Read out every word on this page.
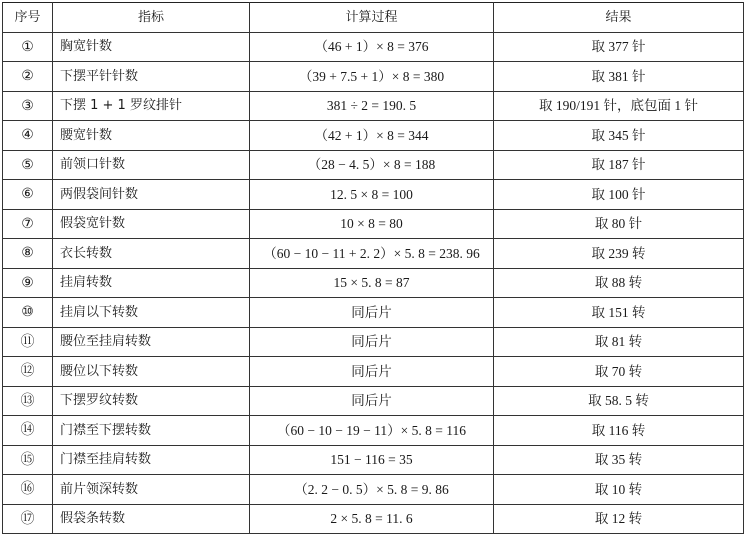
序号	指标	计算过程	结果
①	胸宽针数	（46 + 1）× 8 = 376	取 377 针
②	下摆平针针数	（39 + 7.5 + 1）× 8 = 380	取 381 针
③	下摆 1 + 1 罗纹排针	381 ÷ 2 = 190. 5	取 190/191 针，底包面 1 针
④	腰宽针数	（42 + 1）× 8 = 344	取 345 针
⑤	前领口针数	（28 − 4. 5）× 8 = 188	取 187 针
⑥	两假袋间针数	12. 5 × 8 = 100	取 100 针
⑦	假袋宽针数	10 × 8 = 80	取 80 针
⑧	衣长转数	（60 − 10 − 11 + 2. 2）× 5. 8 = 238. 96	取 239 转
⑨	挂肩转数	15 × 5. 8 = 87	取 88 转
⑩	挂肩以下转数	同后片	取 151 转
⑪	腰位至挂肩转数	同后片	取 81 转
⑫	腰位以下转数	同后片	取 70 转
⑬	下摆罗纹转数	同后片	取 58. 5 转
⑭	门襟至下摆转数	（60 − 10 − 19 − 11）× 5. 8 = 116	取 116 转
⑮	门襟至挂肩转数	151 − 116 = 35	取 35 转
⑯	前片领深转数	（2. 2 − 0. 5）× 5. 8 = 9. 86	取 10 转
⑰	假袋条转数	2 × 5. 8 = 11. 6	取 12 转
